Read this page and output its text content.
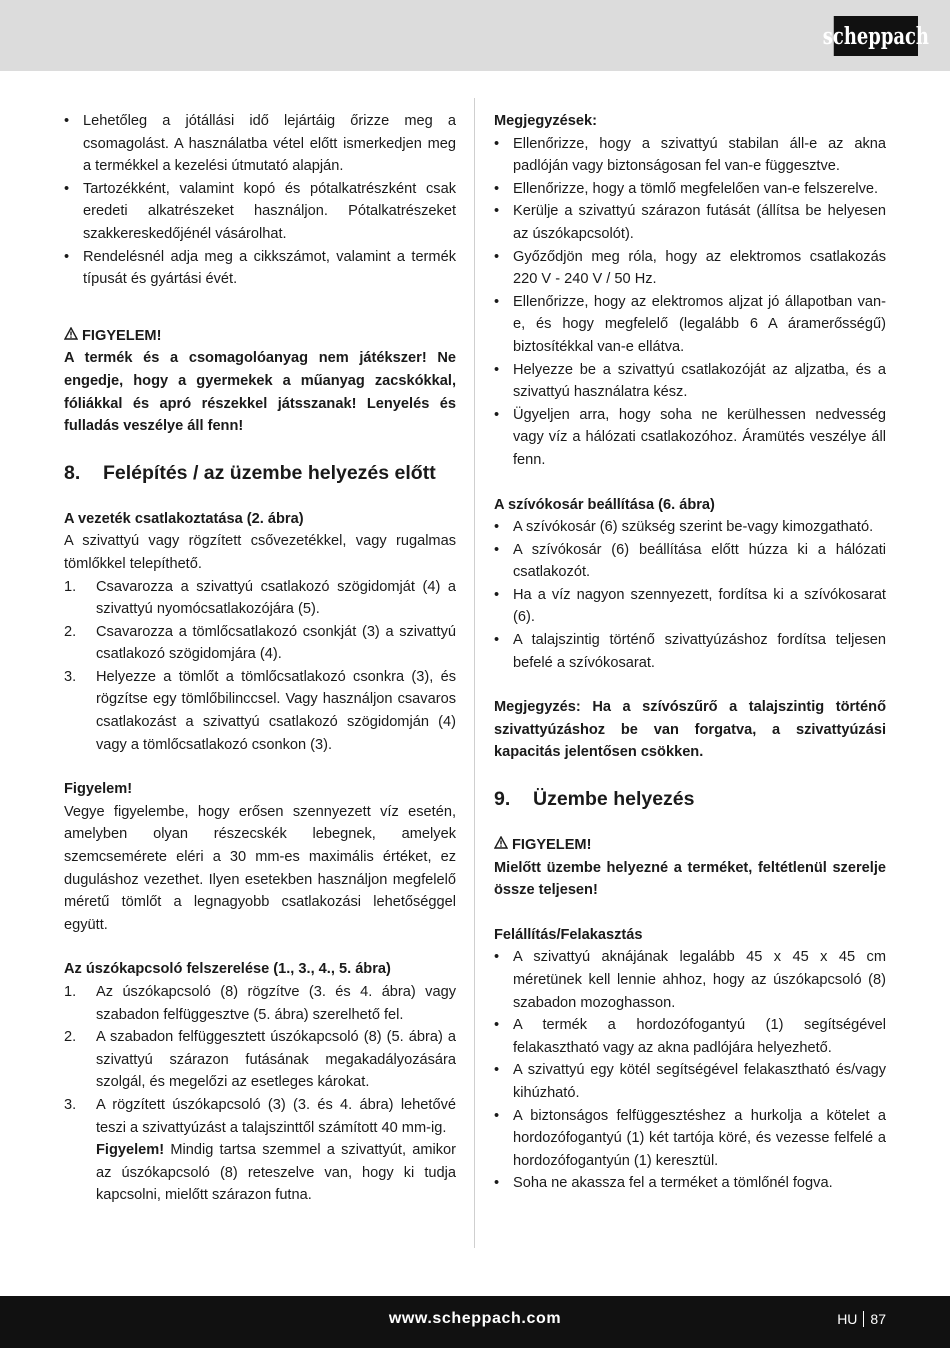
scheppach
• Lehetőleg a jótállási idő lejártáig őrizze meg a csomagolást. A használatba vétel előtt ismerkedjen meg a termékkel a kezelési útmutató alapján.
• Tartozékként, valamint kopó és pótalkatrészként csak eredeti alkatrészeket használjon. Pótalkatrészeket szakkereskedőjénél vásárolhat.
• Rendelésnél adja meg a cikkszámot, valamint a termék típusát és gyártási évét.

FIGYELEM!

A termék és a csomagolóanyag nem játékszer! Ne engedje, hogy a gyermekek a műanyag zacskókkal, fóliákkal és apró részekkel játsszanak! Lenyelés és fulladás veszélye áll fenn!

8. Felépítés / az üzembe helyezés előtt

A vezeték csatlakoztatása (2. ábra)

A szivattyú vagy rögzített csővezetékkel, vagy rugalmas tömlőkkel telepíthető.

1. Csavarozza a szivattyú csatlakozó szögidomját (4) a szivattyú nyomócsatlakozójára (5).
2. Csavarozza a tömlőcsatlakozó csonkját (3) a szivattyú csatlakozó szögidomjára (4).
3. Helyezze a tömlőt a tömlőcsatlakozó csonkra (3), és rögzítse egy tömlőbilinccsel. Vagy használjon csavaros csatlakozást a szivattyú csatlakozó szögidomján (4) vagy a tömlőcsatlakozó csonkon (3).

Figyelem!

Vegye figyelembe, hogy erősen szennyezett víz esetén, amelyben olyan részecskék lebegnek, amelyek szemcsemérete eléri a 30 mm-es maximális értéket, ez duguláshoz vezethet. Ilyen esetekben használjon megfelelő méretű tömlőt a legnagyobb csatlakozási lehetőséggel együtt.

Az úszókapcsoló felszerelése (1., 3., 4., 5. ábra)

1. Az úszókapcsoló (8) rögzítve (3. és 4. ábra) vagy szabadon felfüggesztve (5. ábra) szerelhető fel.
2. A szabadon felfüggesztett úszókapcsoló (8) (5. ábra) a szivattyú szárazon futásának megakadályozására szolgál, és megelőzi az esetleges károkat.
3. A rögzített úszókapcsoló (3) (3. és 4. ábra) lehetővé teszi a szivattyúzást a talajszinttől számított 40 mm-ig.
Figyelem! Mindig tartsa szemmel a szivattyút, amikor az úszókapcsoló (8) reteszelve van, hogy ki tudja kapcsolni, mielőtt szárazon futna.

Megjegyzések:

• Ellenőrizze, hogy a szivattyú stabilan áll-e az akna padlóján vagy biztonságosan fel van-e függesztve.
• Ellenőrizze, hogy a tömlő megfelelően van-e felszerelve.
• Kerülje a szivattyú szárazon futását (állítsa be helyesen az úszókapcsolót).
• Győződjön meg róla, hogy az elektromos csatlakozás 220 V - 240 V / 50 Hz.
• Ellenőrizze, hogy az elektromos aljzat jó állapotban van-e, és hogy megfelelő (legalább 6 A áramerősségű) biztosítékkal van-e ellátva.
• Helyezze be a szivattyú csatlakozóját az aljzatba, és a szivattyú használatra kész.
• Ügyeljen arra, hogy soha ne kerülhessen nedvesség vagy víz a hálózati csatlakozóhoz. Áramütés veszélye áll fenn.

A szívókosár beállítása (6. ábra)

• A szívókosár (6) szükség szerint be-vagy kimozgatható.
• A szívókosár (6) beállítása előtt húzza ki a hálózati csatlakozót.
• Ha a víz nagyon szennyezett, fordítsa ki a szívókosarat (6).
• A talajszintig történő szivattyúzáshoz fordítsa teljesen befelé a szívókosarat.

Megjegyzés: Ha a szívószűrő a talajszintig történő szivattyúzáshoz be van forgatva, a szivattyúzási kapacitás jelentősen csökken.

9. Üzembe helyezés

FIGYELEM!

Mielőtt üzembe helyezné a terméket, feltétlenül szerelje össze teljesen!

Felállítás/Felakasztás

• A szivattyú aknájának legalább 45 x 45 x 45 cm méretünek kell lennie ahhoz, hogy az úszókapcsoló (8) szabadon mozoghasson.
• A termék a hordozófogantyú (1) segítségével felakasztható vagy az akna padlójára helyezhető.
• A szivattyú egy kötél segítségével felakasztható és/vagy kihúzható.
• A biztonságos felfüggesztéshez a hurkolja a kötelet a hordozófogantyú (1) két tartója köré, és vezesse felfelé a hordozófogantyún (1) keresztül.
• Soha ne akassza fel a terméket a tömlőnél fogva.
www.scheppach.com	HU 87
